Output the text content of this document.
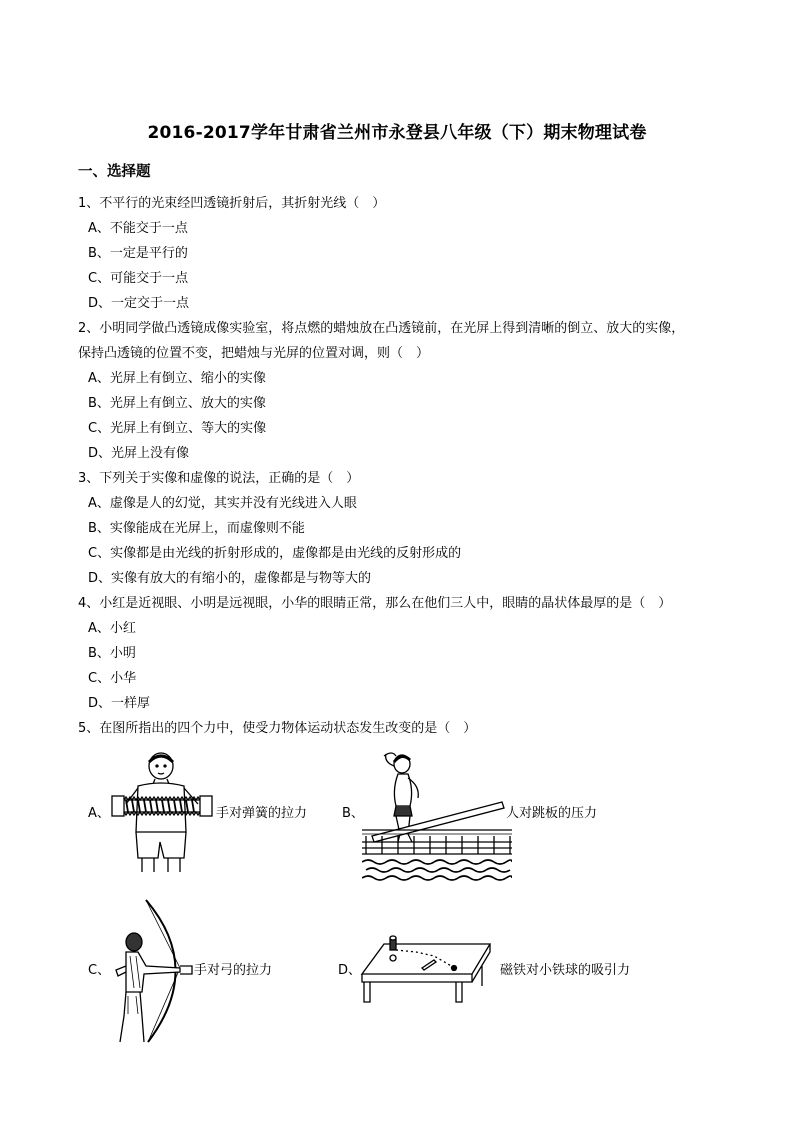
2016-2017学年甘肃省兰州市永登县八年级（下）期末物理试卷
一、选择题
1、不平行的光束经凹透镜折射后，其折射光线（　）
A、不能交于一点
B、一定是平行的
C、可能交于一点
D、一定交于一点
2、小明同学做凸透镜成像实验室，将点燃的蜡烛放在凸透镜前，在光屏上得到清晰的倒立、放大的实像，
保持凸透镜的位置不变，把蜡烛与光屏的位置对调，则（　）
A、光屏上有倒立、缩小的实像
B、光屏上有倒立、放大的实像
C、光屏上有倒立、等大的实像
D、光屏上没有像
3、下列关于实像和虚像的说法，正确的是（　）
A、虚像是人的幻觉，其实并没有光线进入人眼
B、实像能成在光屏上，而虚像则不能
C、实像都是由光线的折射形成的，虚像都是由光线的反射形成的
D、实像有放大的有缩小的，虚像都是与物等大的
4、小红是近视眼、小明是远视眼，小华的眼睛正常，那么在他们三人中，眼睛的晶状体最厚的是（　）
A、小红
B、小明
C、小华
D、一样厚
5、在图所指出的四个力中，使受力物体运动状态发生改变的是（　）
A、	手对弹簧的拉力	B、	人对跳板的压力
C、	手对弓的拉力	D、	磁铁对小铁球的吸引力
